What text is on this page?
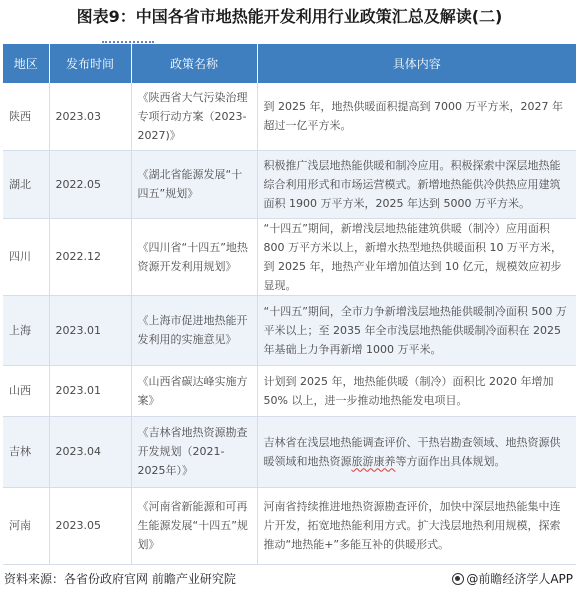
图表9：中国各省市地热能开发利用行业政策汇总及解读(二)
地区	发布时间	政策名称	具体内容
陕西	2023.03	《陕西省大气污染治理专项行动方案（2023-2027)》	到 2025 年，地热供暖面积提高到 7000 万平方米，2027 年超过一亿平方米。
湖北	2022.05	《湖北省能源发展“十四五”规划》	积极推广浅层地热能供暖和制冷应用。积极探索中深层地热能综合利用形式和市场运营模式。新增地热能供冷供热应用建筑面积 1900 万平方米，2025 年达到 5000 万平方米。
四川	2022.12	《四川省“十四五”地热资源开发利用规划》	“十四五”期间，新增浅层地热能建筑供暖（制冷）应用面积 800 万平方米以上，新增水热型地热供暖面积 10 万平方米，到 2025 年，地热产业年增加值达到 10 亿元，规模效应初步显现。
上海	2023.01	《上海市促进地热能开发利用的实施意见》	“十四五”期间，全市力争新增浅层地热能供暖制冷面积 500 万平米以上；至 2035 年全市浅层地热能供暖制冷面积在 2025 年基础上力争再新增 1000 万平米。
山西	2023.01	《山西省碳达峰实施方案》	计划到 2025 年，地热能供暖（制冷）面积比 2020 年增加 50% 以上，进一步推动地热能发电项目。
吉林	2023.04	《吉林省地热资源勘查开发规划（2021-2025年）》	吉林省在浅层地热能调查评价、干热岩勘查领域、地热资源供暖领域和地热资源旅游康养等方面作出具体规划。
河南	2023.05	《河南省新能源和可再生能源发展“十四五”规划》	河南省持续推进地热资源勘查评价，加快中深层地热能集中连片开发，拓宽地热能利用方式。扩大浅层地热利用规模，探索推动“地热能+”多能互补的供暖形式。
资料来源：各省份政府官网 前瞻产业研究院	@前瞻经济学人APP
